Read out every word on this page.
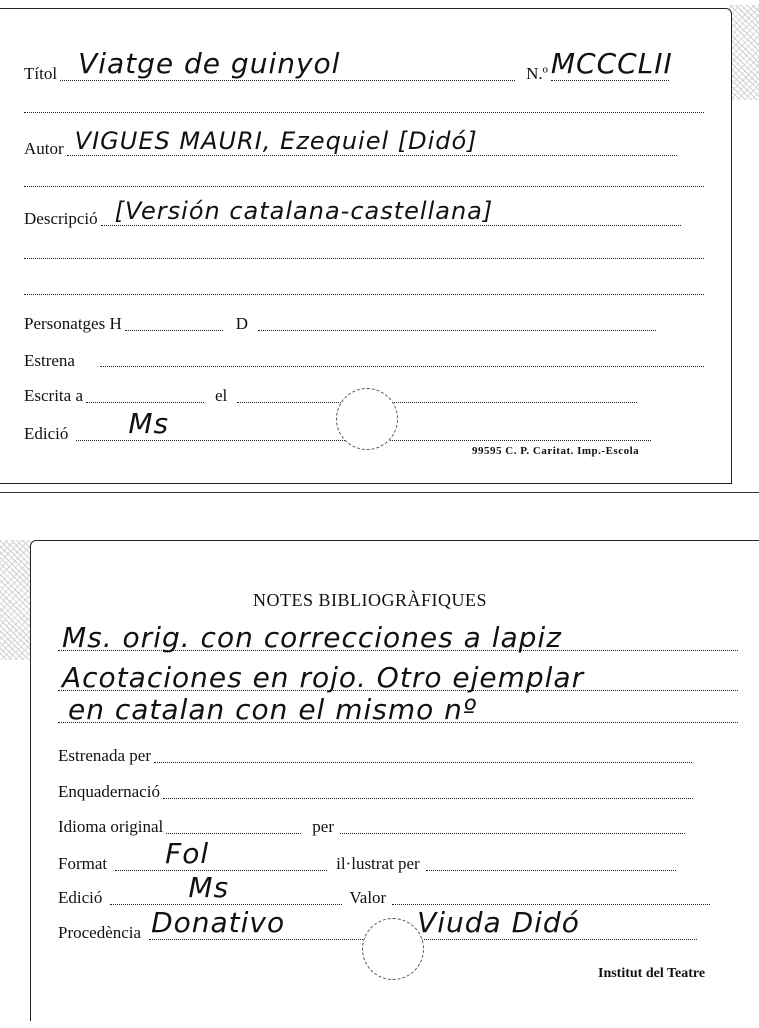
Títol Viatge de guinyol	N.º MCCCLII
Autor VIGUES MAURI, Ezequiel [Didó]
Descripció [Versión catalana-castellana]
Personatges H	D
Estrena
Escrita a	el
Edició Ms
99595 C. P. Caritat. Imp.-Escola
NOTES BIBLIOGRÀFIQUES
Ms. orig. con correcciones a lapiz
Acotaciones en rojo. Otro ejemplar
en catalan con el mismo nº
Estrenada per
Enquadernació
Idioma original	per
Format Fol	il·lustrat per
Edició	Ms	Valor
Procedència Donativo	Viuda Didó
Institut del Teatre
